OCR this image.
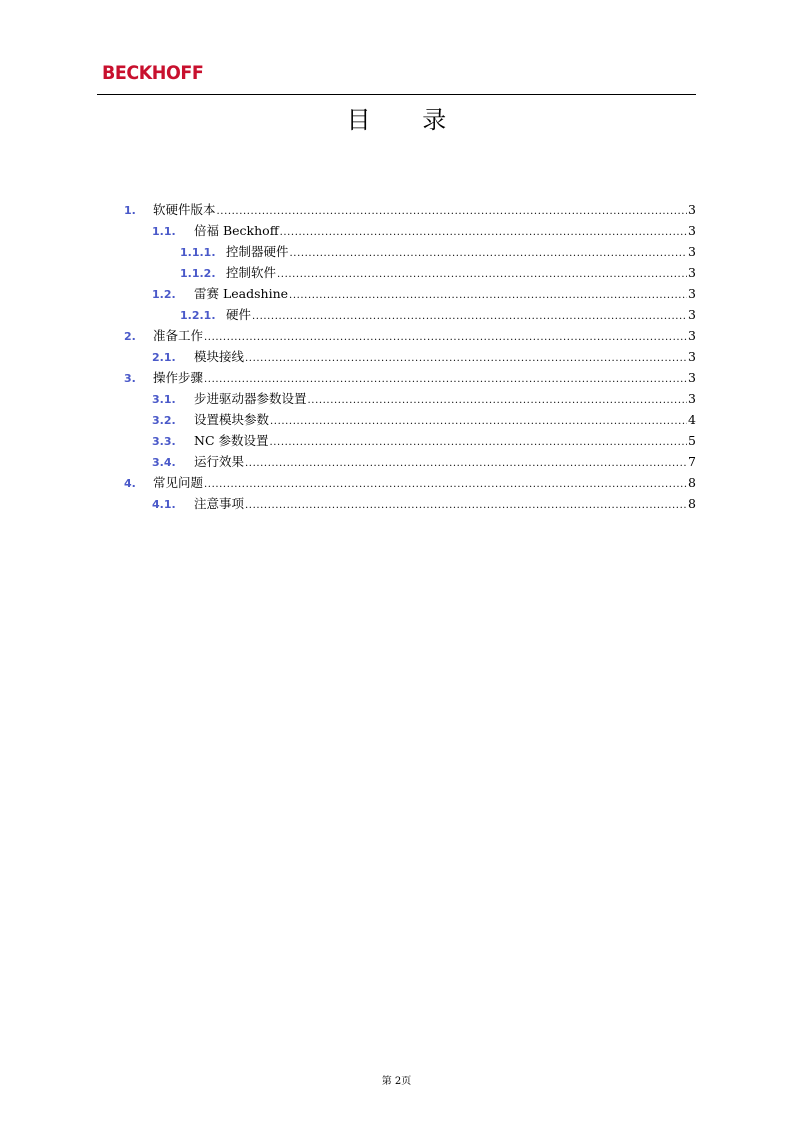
BECKHOFF
目 录
1.	软硬件版本 .....	3
1.1.	倍福 Beckhoff .....	3
1.1.1. 控制器硬件 .....	3
1.1.2. 控制软件 .....	3
1.2.	雷赛 Leadshine .....	3
1.2.1. 硬件 .....	3
2.	准备工作 .....	3
2.1.	模块接线 .....	3
3.	操作步骤 .....	3
3.1.	步进驱动器参数设置 .....	3
3.2.	设置模块参数 .....	4
3.3.	NC 参数设置 .....	5
3.4.	运行效果 .....	7
4.	常见问题 .....	8
4.1.	注意事项 .....	8
第 2页
